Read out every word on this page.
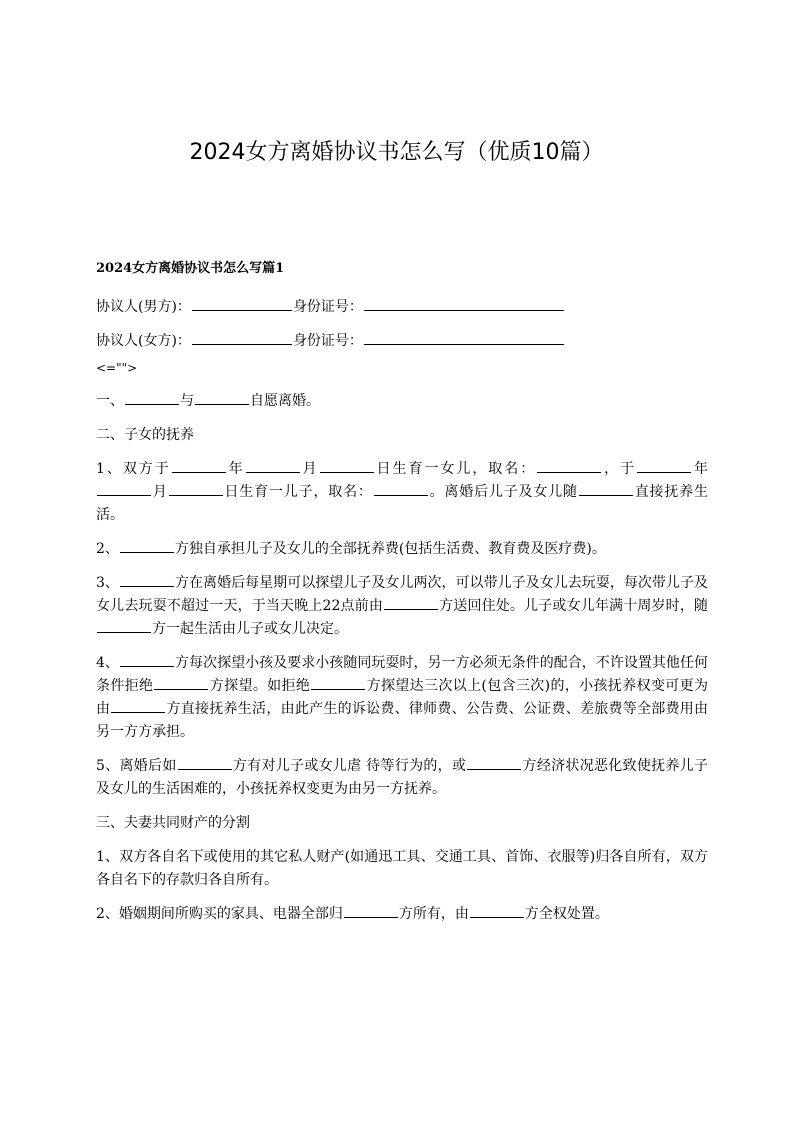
2024女方离婚协议书怎么写（优质10篇）
2024女方离婚协议书怎么写篇1

协议人(男方)：	身份证号：

协议人(女方)：	身份证号：

<="">

一、	与	自愿离婚。

二、子女的抚养

1、双方于	年	月	日生育一女儿，取名：	，于	年月	日生育一儿子，取名：	。离婚后儿子及女儿随	直接抚养生活。

2、	方独自承担儿子及女儿的全部抚养费(包括生活费、教育费及医疗费)。

3、	方在离婚后每星期可以探望儿子及女儿两次，可以带儿子及女儿去玩耍，每次带儿子及女儿去玩耍不超过一天，于当天晚上22点前由	方送回住处。儿子或女儿年满十周岁时，随方一起生活由儿子或女儿决定。

4、	方每次探望小孩及要求小孩随同玩耍时，另一方必须无条件的配合，不许设置其他任何条件拒绝	方探望。如拒绝	方探望达三次以上(包含三次)的，小孩抚养权变可更为由	方直接抚养生活，由此产生的诉讼费、律师费、公告费、公证费、差旅费等全部费用由另一方方承担。

5、离婚后如	方有对儿子或女儿虐 待等行为的，或	方经济状况恶化致使抚养儿子及女儿的生活困难的，小孩抚养权变更为由另一方抚养。

三、夫妻共同财产的分割

1、双方各自名下或使用的其它私人财产(如通迅工具、交通工具、首饰、衣服等)归各自所有，双方各自名下的存款归各自所有。

2、婚姻期间所购买的家具、电器全部归	方所有，由	方全权处置。
